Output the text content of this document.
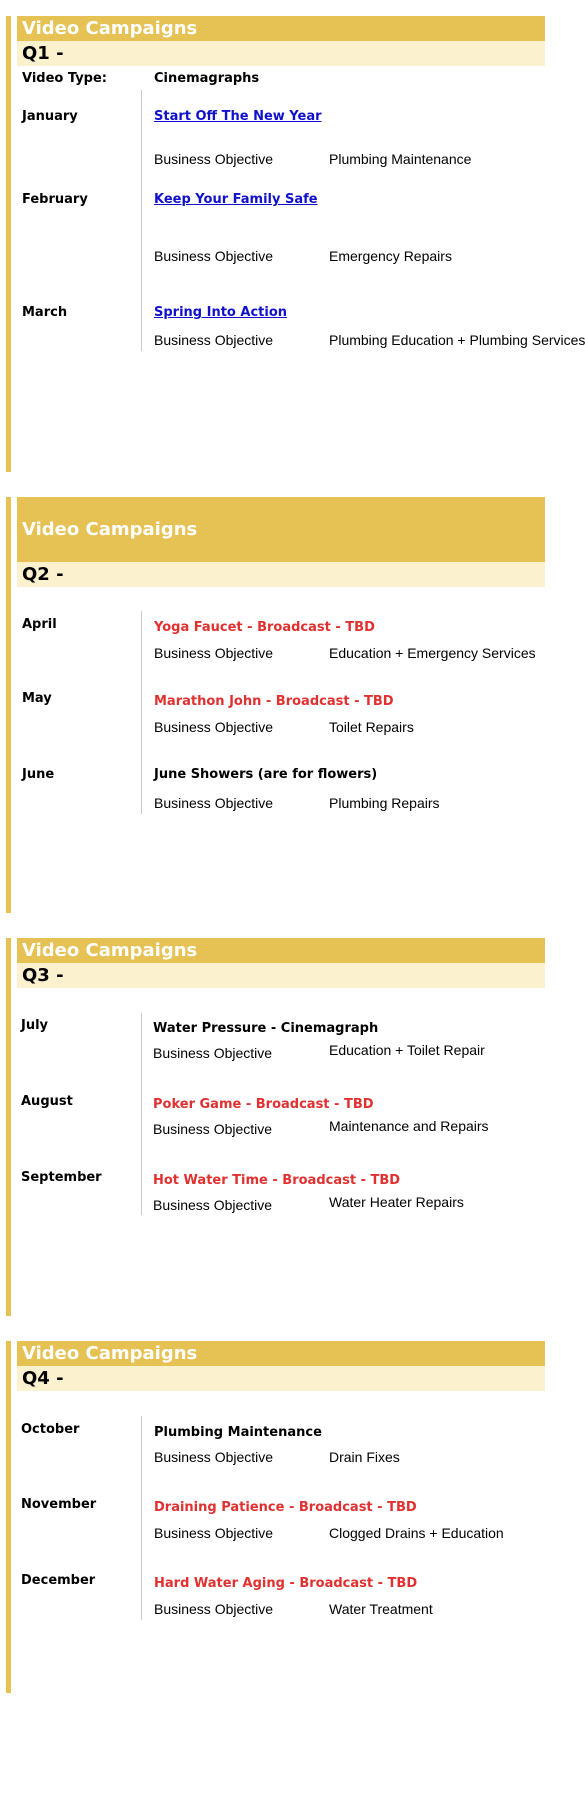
Video Campaigns
Q1 -
Video Type:	Cinemagraphs
January	Start Off The New Year
Business Objective	Plumbing Maintenance
February	Keep Your Family Safe
Business Objective	Emergency Repairs
March	Spring Into Action
Business Objective	Plumbing Education + Plumbing Services
Video Campaigns
Q2 -
April	Yoga Faucet - Broadcast - TBD
Business Objective	Education + Emergency Services
May	Marathon John - Broadcast - TBD
Business Objective	Toilet Repairs
June	June Showers (are for flowers)
Business Objective	Plumbing Repairs
Video Campaigns
Q3 -
July	Water Pressure - Cinemagraph
Business Objective	Education + Toilet Repair
August	Poker Game - Broadcast - TBD
Business Objective	Maintenance and Repairs
September	Hot Water Time - Broadcast - TBD
Business Objective	Water Heater Repairs
Video Campaigns
Q4 -
October	Plumbing Maintenance
Business Objective	Drain Fixes
November	Draining Patience - Broadcast - TBD
Business Objective	Clogged Drains + Education
December	Hard Water Aging - Broadcast - TBD
Business Objective	Water Treatment
